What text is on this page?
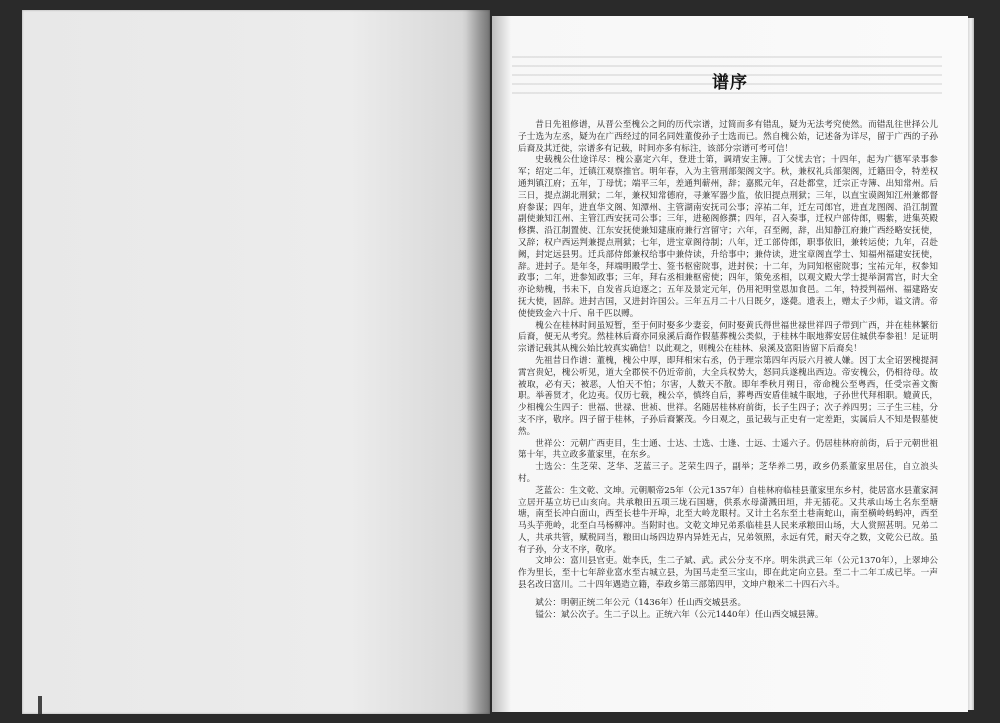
谱序

昔日先祖修谱，从晋公至槐公之间的历代宗谱，过简而多有错乱，疑为无法考究使然。而错乱往世择公儿子士选为左丞，疑为在广西经过的同名同姓董俊孙子士选而已。然自槐公始，记述备为详尽，留于广西的子孙后裔及其迁徙，宗谱多有记载，时间亦多有标注，该部分宗谱可考可信！

史载槐公仕途详尽：槐公嘉定六年，登进士第，调靖安主簿。丁父忧去官；十四年，起为广德军录事参军；绍定二年，迁镇江观察推官。明年春，入为主管刑部架阁文字。秋，兼权礼兵部架阁，迁籍田令，特差权通判镇江府；五年，丁母忧；端平三年，差通判蕲州，辞；嘉熙元年，召赴都堂，迁宗正寺簿、出知常州。后三日，提点湖北刑狱；二年，兼权知常德府，寻兼军器少监，依旧提点刑狱；三年，以直宝谟阁知江州兼都督府参谋；四年，进直华文阁、知潭州、主管湖南安抚司公事；淳祐二年，迁左司郎官，进直龙图阁、沿江制置副使兼知江州、主管江西安抚司公事；三年，进秘阁修撰；四年，召入奏事，迁权户部侍郎，赐紫，进集英殿修撰、沿江制置使、江东安抚使兼知建康府兼行宫留守；六年，召至阙，辞，出知静江府兼广西经略安抚使，又辞；权户西运判兼提点刑狱；七年，进宝章阁待制；八年，迁工部侍郎，职事依旧，兼转运使；九年，召赴阙，封定远县男。迁兵部侍郎兼权给事中兼侍读，升给事中；兼侍读，进宝章阁直学士、知福州福建安抚使，辞。进封子。是年冬，拜端明殿学士、签书枢密院事，进封侯；十二年，为同知枢密院事；宝祐元年，权参知政事；二年，进参知政事；三年，拜右丞相兼枢密使；四年，策免丞相，以观文殿大学士提举洞霄宫，时大全亦论劾槐，书未下，自发省兵迫逐之；五年及景定元年，仍用祀明堂恩加食邑。二年，特授判福州、福建路安抚大使，固辞。进封吉国，又进封许国公。三年五月二十八日既夕，遂薨。遗表上，赠太子少师，谥文清。帝使使致金六十斤、帛千匹以赙。

槐公在桂林时间虽短暂，至于何时娶多少妻妾，何时娶黄氏得世福世禄世祥四子带到广西，并在桂林繁衍后裔，便无从考究。然桂林后裔亦同泉溪后裔作假墓葬槐公类似，于桂林牛眠地葬安居住城供奉参祖！足证明宗谱记载其从槐公始比较真实确信！以此观之，则槐公在桂林、泉溪及富阳皆留下后裔矣！

先祖昔日作谱：董槐，槐公中厚，即拜相宋右丞，仍于理宗第四年丙辰六月被人嫌。因丁太全诏罢槐提洞霄宫贵妃，槐公听见，道大全郡侯不仍近帝前，大全兵权势大，怒同兵遂槐出西边。帝安槐公，仍相待母。故被取，必有天；被恶，人怕天不怕；尔害，人数天不散。即年季秋月朔日，帝命槐公至粤西，任受宗善文衡职。举善贤才，化边夷。仅历七载，槐公卒，慎终自后，葬粤西安盾佳城牛眠地，子孙世代拜相职。媲黄氏，少相槐公生四子：世福、世禄、世祯、世祥。名随居桂林府前街，长子生四子；次子养四男；三子生三桂，分支不序，敬序。四子留于桂林，子孙后裔繁茂。今日观之，虽记载与正史有一定差距，实属后人不知是假墓使然。

世祥公：元朝广西吏目，生士通、士达、士选、士逢、士远、士遥六子。仍居桂林府前街，后于元朝世祖第十年，共立政多董家里，在东乡。

士选公：生芝荣、芝华、芝蓝三子。芝荣生四子，副举；芝华养二男，政乡仍系董家里居住，自立浪头村。

芝蓝公：生文乾、文坤。元朝顺帝25年（公元1357年）自桂林府临桂县董家里东乡村，徙居富水县董家洞立居开基立坊已山亥向。共承粮田五项三垅石国塘，供系水母潇溅田垣，井无插花。又共承山场土名东至塘塘，南至长冲白面山，西至长巷牛开埠，北至大岭龙眼村。又计土名东至土巷南蛇山，南至横岭蚂蚂冲，西至马头芋蔸岭，北至白马杨柳冲。当附时也。文乾文坤兄弟系临桂县人民来承粮田山场，大人赏照甚明。兄弟二人，共承共管，赋税同当，粮田山场四边界内异姓无占，兄弟领照，永远有凭，耐天夺之数，文乾公已故。虽有子孙，分支不序，敬序。

文坤公：富川县官吏。妣李氏，生二子斌、武。武公分支不序。明朱洪武三年（公元1370年），上翠坤公作为里长，至十七年辞业富水至古城立县，为国马走至三宝山，即在此定向立县。至二十二年工成已毕。一声县名改曰富川。二十四年遇造立籍，奉政乡第三部第四甲，文坤户粮米二十四石六斗。

斌公：明朝正统二年公元（1436年）任山西交城县丞。

镒公：斌公次子。生二子以上。正统六年（公元1440年）任山西交城县簿。
